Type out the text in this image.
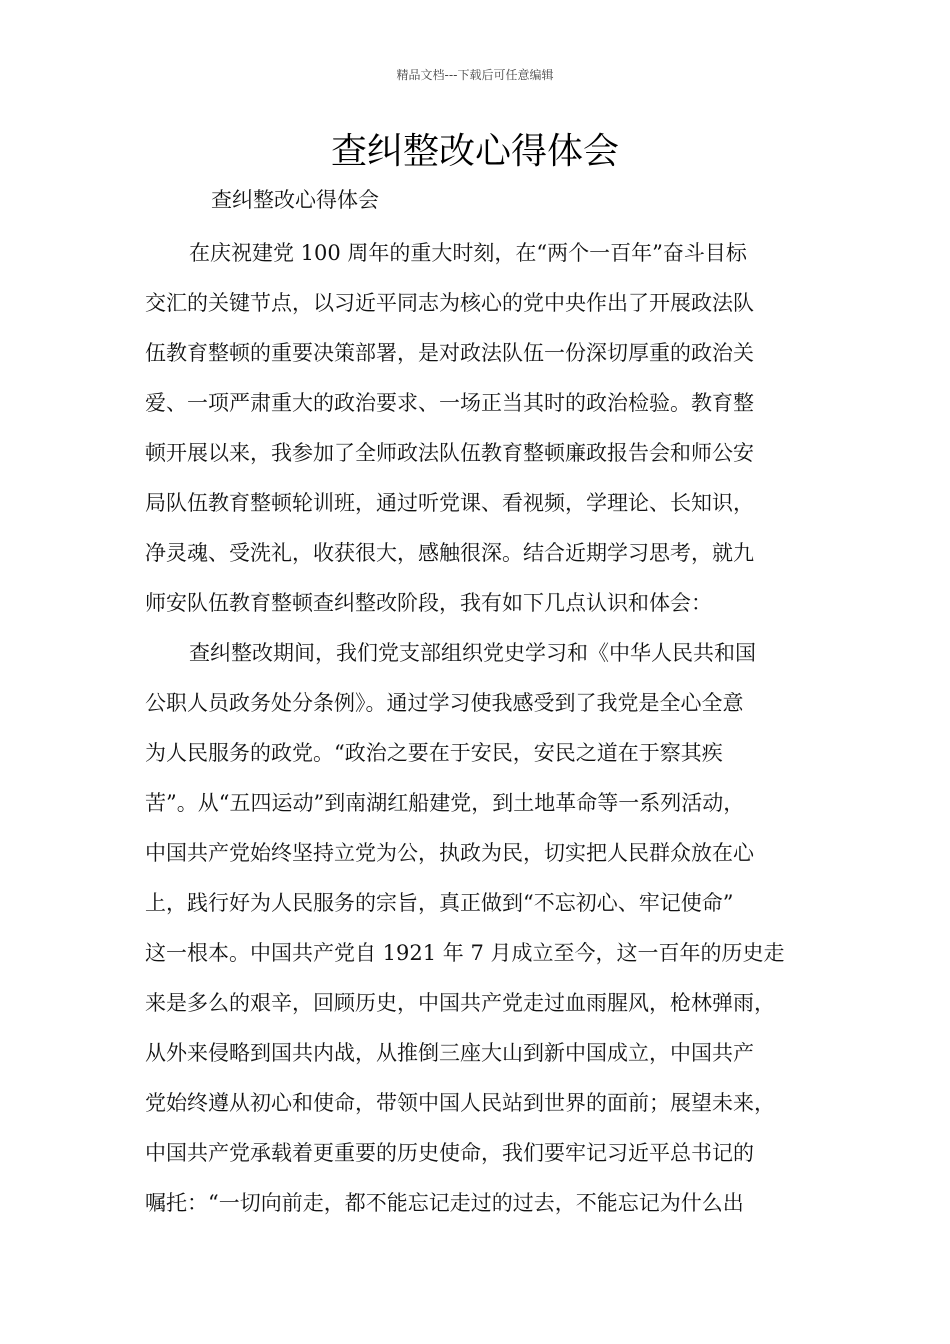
精品文档---下载后可任意编辑
查纠整改心得体会

查纠整改心得体会

在庆祝建党 100 周年的重大时刻，在“两个一百年”奋斗目标
交汇的关键节点，以习近平同志为核心的党中央作出了开展政法队
伍教育整顿的重要决策部署，是对政法队伍一份深切厚重的政治关
爱、一项严肃重大的政治要求、一场正当其时的政治检验。教育整
顿开展以来，我参加了全师政法队伍教育整顿廉政报告会和师公安
局队伍教育整顿轮训班，通过听党课、看视频，学理论、长知识，
净灵魂、受洗礼，收获很大，感触很深。结合近期学习思考，就九
师安队伍教育整顿查纠整改阶段，我有如下几点认识和体会：
查纠整改期间，我们党支部组织党史学习和《中华人民共和国
公职人员政务处分条例》。通过学习使我感受到了我党是全心全意
为人民服务的政党。“政治之要在于安民，安民之道在于察其疾
苦”。从“五四运动”到南湖红船建党，到土地革命等一系列活动，
中国共产党始终坚持立党为公，执政为民，切实把人民群众放在心
上，践行好为人民服务的宗旨，真正做到“不忘初心、牢记使命”
这一根本。中国共产党自 1921 年 7 月成立至今，这一百年的历史走
来是多么的艰辛，回顾历史，中国共产党走过血雨腥风，枪林弹雨，
从外来侵略到国共内战，从推倒三座大山到新中国成立，中国共产
党始终遵从初心和使命，带领中国人民站到世界的面前；展望未来，
中国共产党承载着更重要的历史使命，我们要牢记习近平总书记的
嘱托：“一切向前走，都不能忘记走过的过去，不能忘记为什么出
